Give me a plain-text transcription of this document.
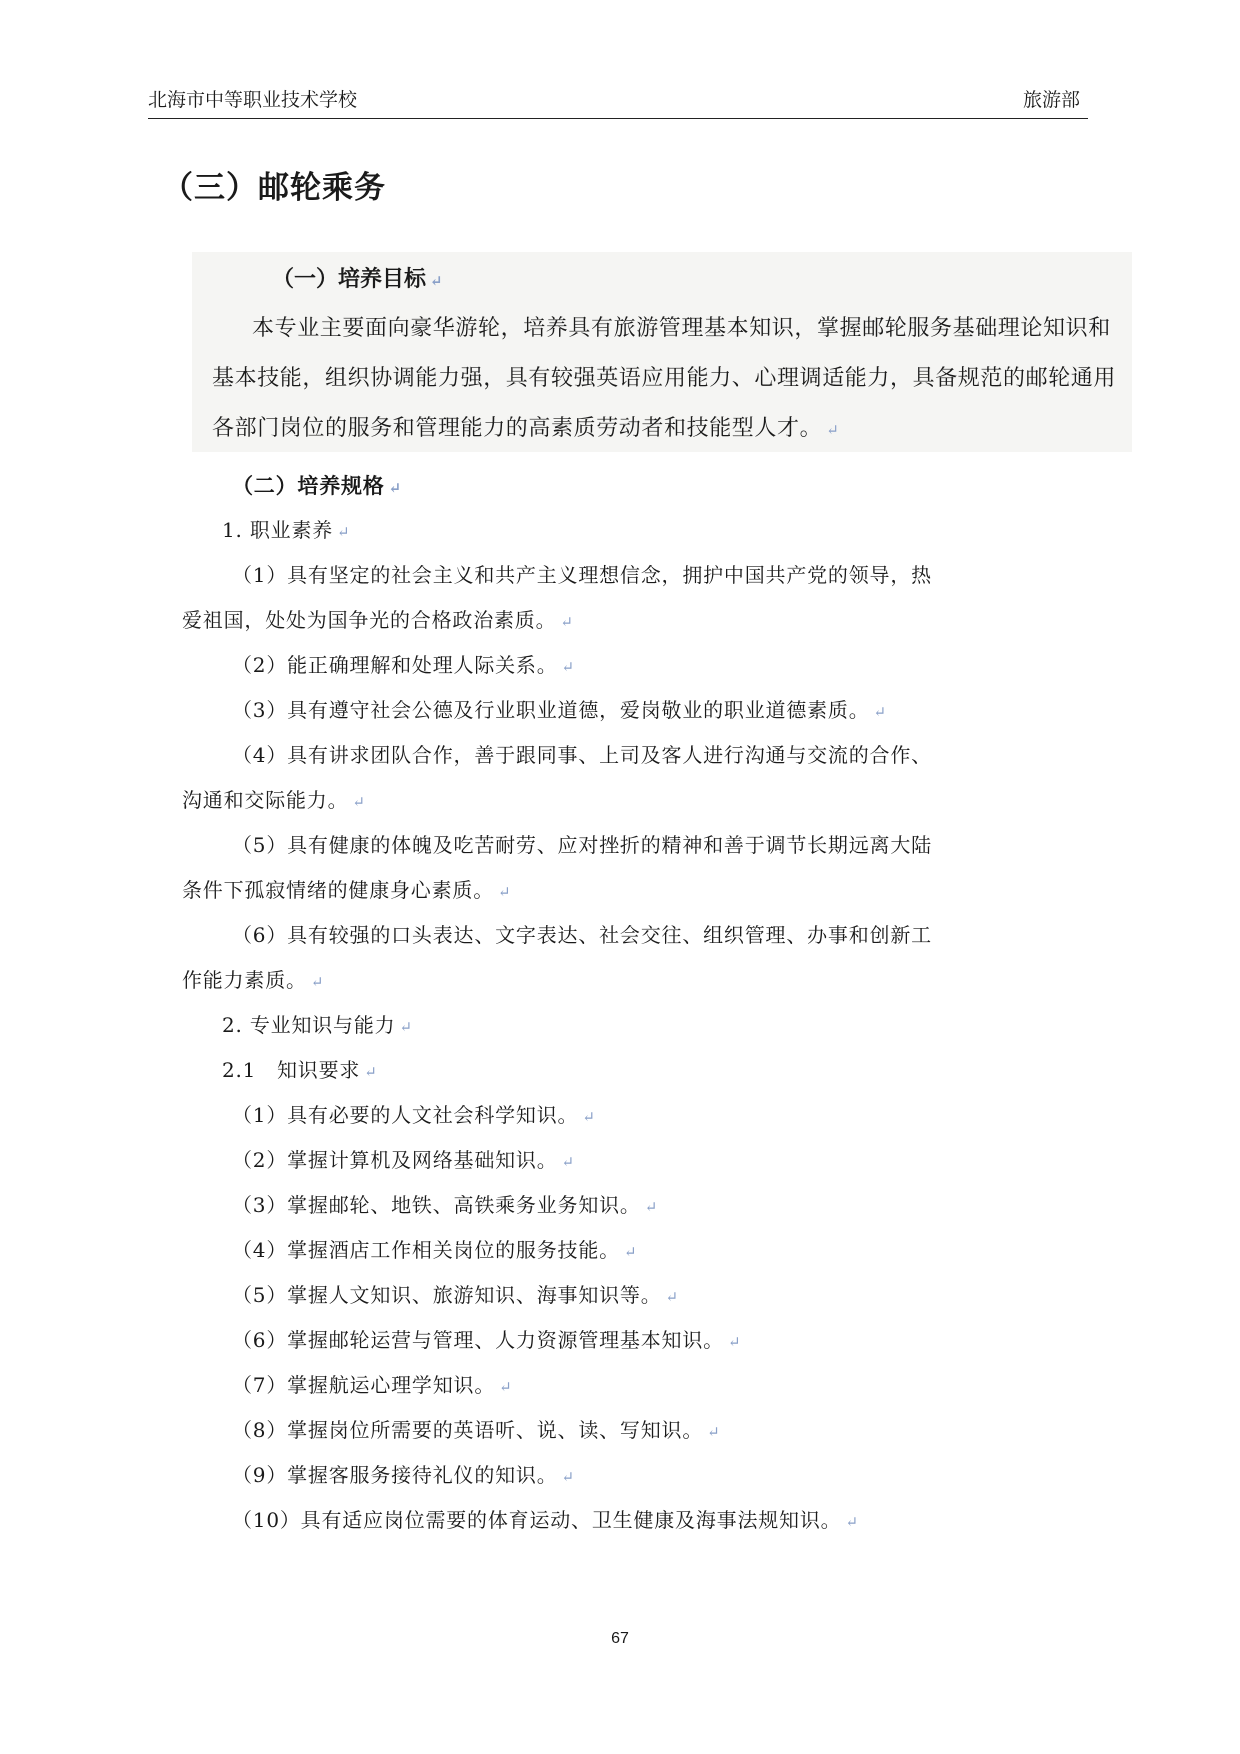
北海市中等职业技术学校	旅游部
（三）邮轮乘务
（一）培养目标 ↵

本专业主要面向豪华游轮，培养具有旅游管理基本知识，掌握邮轮服务基础理论知识和基本技能，组织协调能力强，具有较强英语应用能力、心理调适能力，具备规范的邮轮通用各部门岗位的服务和管理能力的高素质劳动者和技能型人才。 ↵

（二）培养规格 ↵
1. 职业素养 ↵
（1）具有坚定的社会主义和共产主义理想信念，拥护中国共产党的领导，热
爱祖国，处处为国争光的合格政治素质。 ↵
（2）能正确理解和处理人际关系。 ↵
（3）具有遵守社会公德及行业职业道德，爱岗敬业的职业道德素质。 ↵
（4）具有讲求团队合作，善于跟同事、上司及客人进行沟通与交流的合作、
沟通和交际能力。 ↵
（5）具有健康的体魄及吃苦耐劳、应对挫折的精神和善于调节长期远离大陆
条件下孤寂情绪的健康身心素质。 ↵
（6）具有较强的口头表达、文字表达、社会交往、组织管理、办事和创新工
作能力素质。 ↵
2. 专业知识与能力 ↵
2.1　知识要求 ↵
（1）具有必要的人文社会科学知识。 ↵
（2）掌握计算机及网络基础知识。 ↵
（3）掌握邮轮、地铁、高铁乘务业务知识。 ↵
（4）掌握酒店工作相关岗位的服务技能。 ↵
（5）掌握人文知识、旅游知识、海事知识等。 ↵
（6）掌握邮轮运营与管理、人力资源管理基本知识。 ↵
（7）掌握航运心理学知识。 ↵
（8）掌握岗位所需要的英语听、说、读、写知识。 ↵
（9）掌握客服务接待礼仪的知识。 ↵
（10）具有适应岗位需要的体育运动、卫生健康及海事法规知识。 ↵
67
